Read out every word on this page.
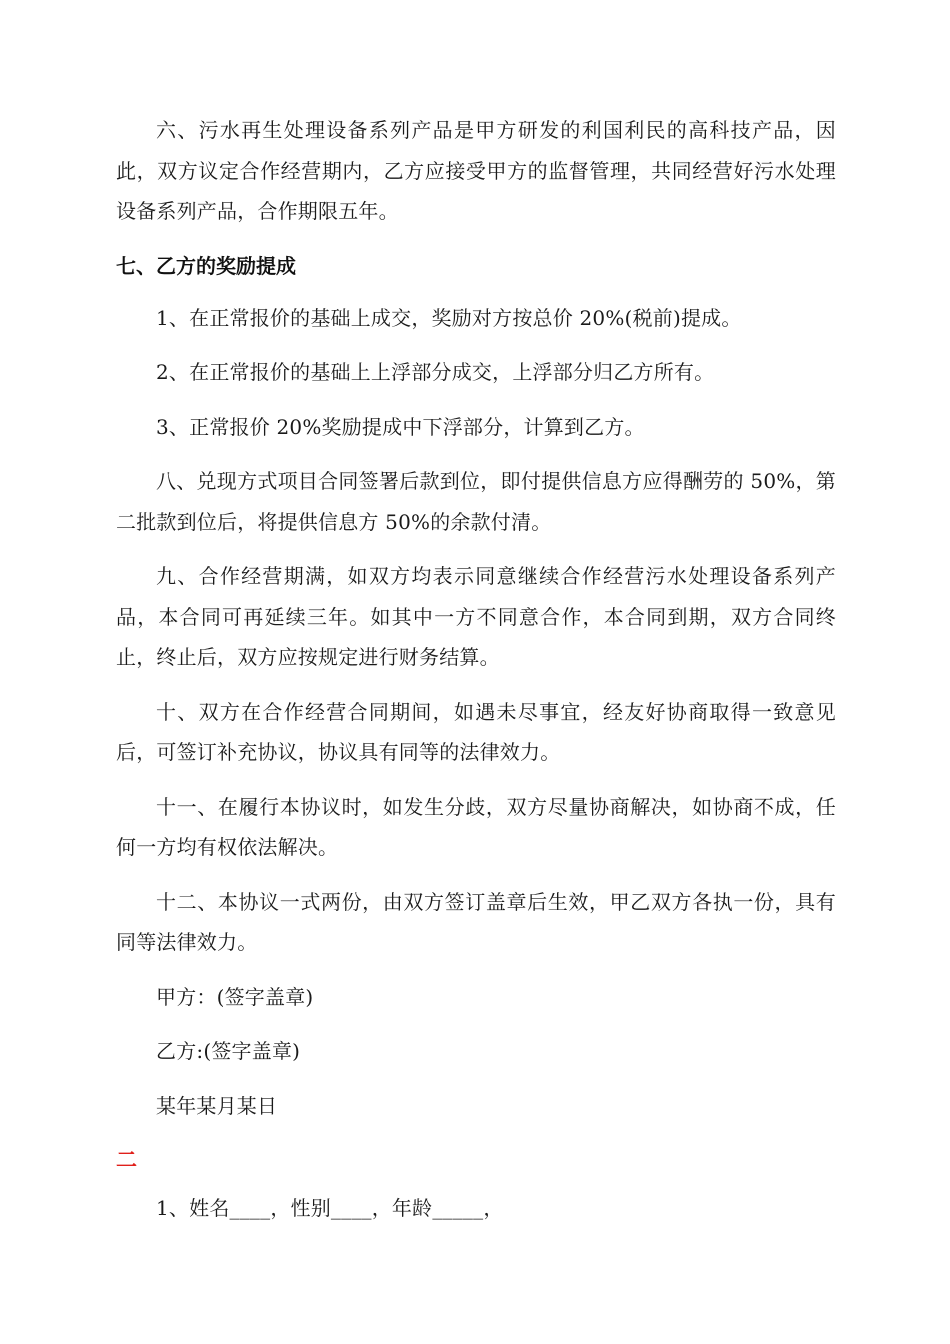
六、污水再生处理设备系列产品是甲方研发的利国利民的高科技产品，因此，双方议定合作经营期内，乙方应接受甲方的监督管理，共同经营好污水处理设备系列产品，合作期限五年。

七、乙方的奖励提成

1、在正常报价的基础上成交，奖励对方按总价 20%(税前)提成。

2、在正常报价的基础上上浮部分成交，上浮部分归乙方所有。

3、正常报价 20%奖励提成中下浮部分，计算到乙方。

八、兑现方式项目合同签署后款到位，即付提供信息方应得酬劳的 50%，第二批款到位后，将提供信息方 50%的余款付清。

九、合作经营期满，如双方均表示同意继续合作经营污水处理设备系列产品，本合同可再延续三年。如其中一方不同意合作，本合同到期，双方合同终止，终止后，双方应按规定进行财务结算。

十、双方在合作经营合同期间，如遇未尽事宜，经友好协商取得一致意见后，可签订补充协议，协议具有同等的法律效力。

十一、在履行本协议时，如发生分歧，双方尽量协商解决，如协商不成，任何一方均有权依法解决。

十二、本协议一式两份，由双方签订盖章后生效，甲乙双方各执一份，具有同等法律效力。

甲方：(签字盖章)

乙方:(签字盖章)

某年某月某日

二

1、姓名____，性别____，年龄_____，
